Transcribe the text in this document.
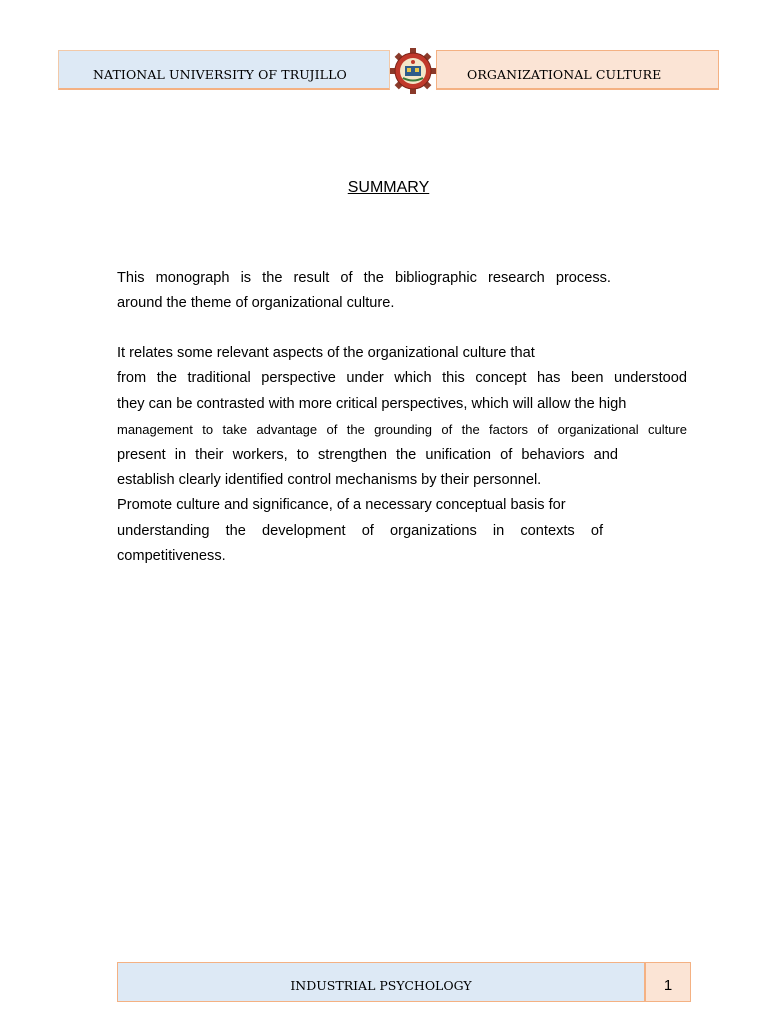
NATIONAL UNIVERSITY OF TRUJILLO	ORGANIZATIONAL CULTURE
SUMMARY
This monograph is the result of the bibliographic research process.
around the theme of organizational culture.
It relates some relevant aspects of the organizational culture that
from the traditional perspective under which this concept has been understood
they can be contrasted with more critical perspectives, which will allow the high
management to take advantage of the grounding of the factors of organizational culture
present in their workers, to strengthen the unification of behaviors and
establish clearly identified control mechanisms by their personnel.
Promote culture and significance, of a necessary conceptual basis for
understanding the development of organizations in contexts of
competitiveness.
INDUSTRIAL PSYCHOLOGY	1
